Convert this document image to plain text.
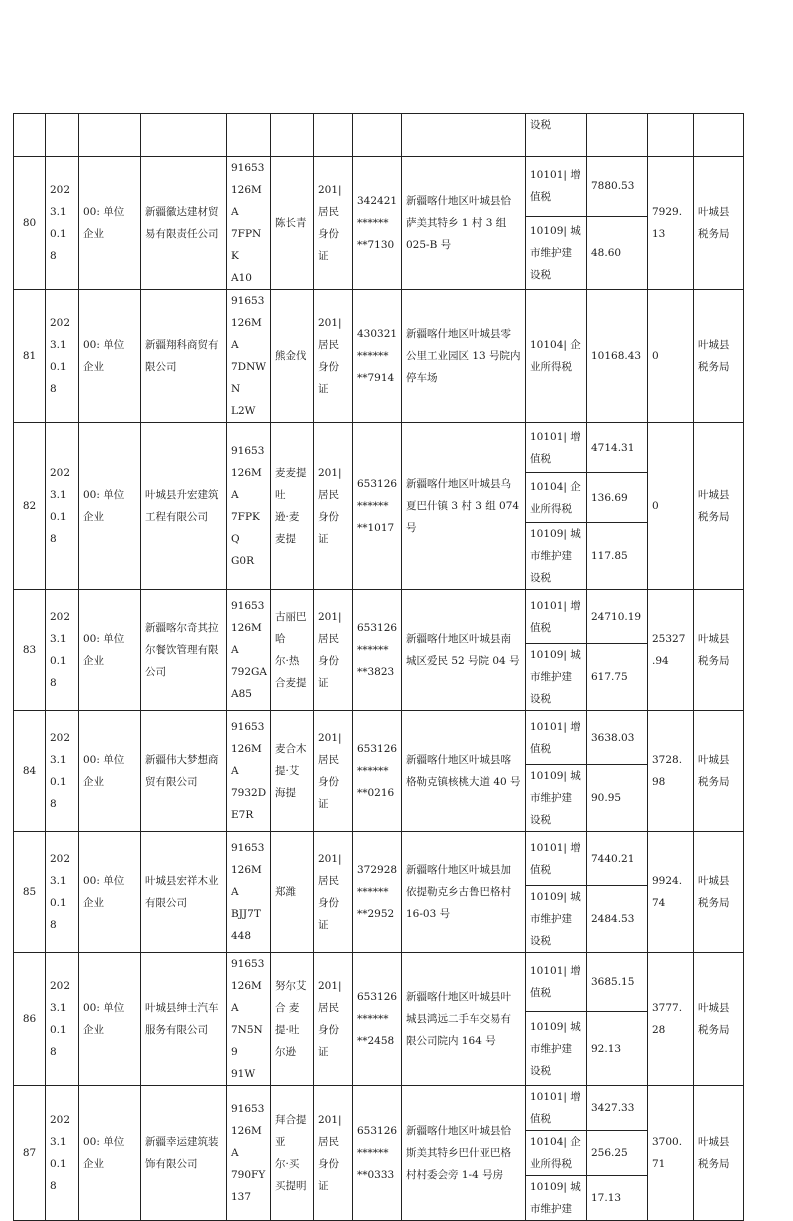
									设税			
80	202
3.1
0.1
8	00: 单位
企业	新疆徽达建材贸
易有限责任公司	91653
126MA
7FPNK
A10	陈长青	201|
居民
身份
证	342421
******
**7130	新疆喀什地区叶城县恰
萨美其特乡 1 村 3 组
025-B 号	10101| 增
值税	7880.53	7929.
13	叶城县
税务局
									10109| 城
市维护建
设税	48.60		
81	202
3.1
0.1
8	00: 单位
企业	新疆翔科商贸有
限公司	91653
126MA
7DNWN
L2W	熊金伐	201|
居民
身份
证	430321
******
**7914	新疆喀什地区叶城县零
公里工业园区 13 号院内
停车场	10104| 企
业所得税	10168.43	0	叶城县
税务局
82	202
3.1
0.1
8	00: 单位
企业	叶城县升宏建筑
工程有限公司	91653
126MA
7FPKQ
G0R	麦麦提
吐
逊·麦
麦提	201|
居民
身份
证	653126
******
**1017	新疆喀什地区叶城县乌
夏巴什镇 3 村 3 组 074
号	10101| 增
值税	4714.31	0	叶城县
税务局
									10104| 企
业所得税	136.69		
									10109| 城
市维护建
设税	117.85		
83	202
3.1
0.1
8	00: 单位
企业	新疆喀尔奇其拉
尔餐饮管理有限
公司	91653
126MA
792GA
A85	古丽巴
哈
尔·热
合麦提	201|
居民
身份
证	653126
******
**3823	新疆喀什地区叶城县南
城区爱民 52 号院 04 号	10101| 增
值税	24710.19	25327
.94	叶城县
税务局
									10109| 城
市维护建
设税	617.75		
84	202
3.1
0.1
8	00: 单位
企业	新疆伟大梦想商
贸有限公司	91653
126MA
7932D
E7R	麦合木
提·艾
海提	201|
居民
身份
证	653126
******
**0216	新疆喀什地区叶城县喀
格勒克镇核桃大道 40 号	10101| 增
值税	3638.03	3728.
98	叶城县
税务局
									10109| 城
市维护建
设税	90.95		
85	202
3.1
0.1
8	00: 单位
企业	叶城县宏祥木业
有限公司	91653
126MA
BJJ7T
448	郑潍	201|
居民
身份
证	372928
******
**2952	新疆喀什地区叶城县加
依提勒克乡古鲁巴格村
16-03 号	10101| 增
值税	7440.21	9924.
74	叶城县
税务局
									10109| 城
市维护建
设税	2484.53		
86	202
3.1
0.1
8	00: 单位
企业	叶城县绅士汽车
服务有限公司	91653
126MA
7N5N9
91W	努尔艾
合 麦
提·吐
尔逊	201|
居民
身份
证	653126
******
**2458	新疆喀什地区叶城县叶
城县鸿远二手车交易有
限公司院内 164 号	10101| 增
值税	3685.15	3777.
28	叶城县
税务局
									10109| 城
市维护建
设税	92.13		
87	202
3.1
0.1
8	00: 单位
企业	新疆幸运建筑装
饰有限公司	91653
126MA
790FY
137	拜合提
亚
尔·买
买提明	201|
居民
身份
证	653126
******
**0333	新疆喀什地区叶城县恰
斯美其特乡巴什亚巴格
村村委会旁 1-4 号房	10101| 增
值税	3427.33	3700.
71	叶城县
税务局
									10104| 企
业所得税	256.25		
									10109| 城
市维护建	17.13		
